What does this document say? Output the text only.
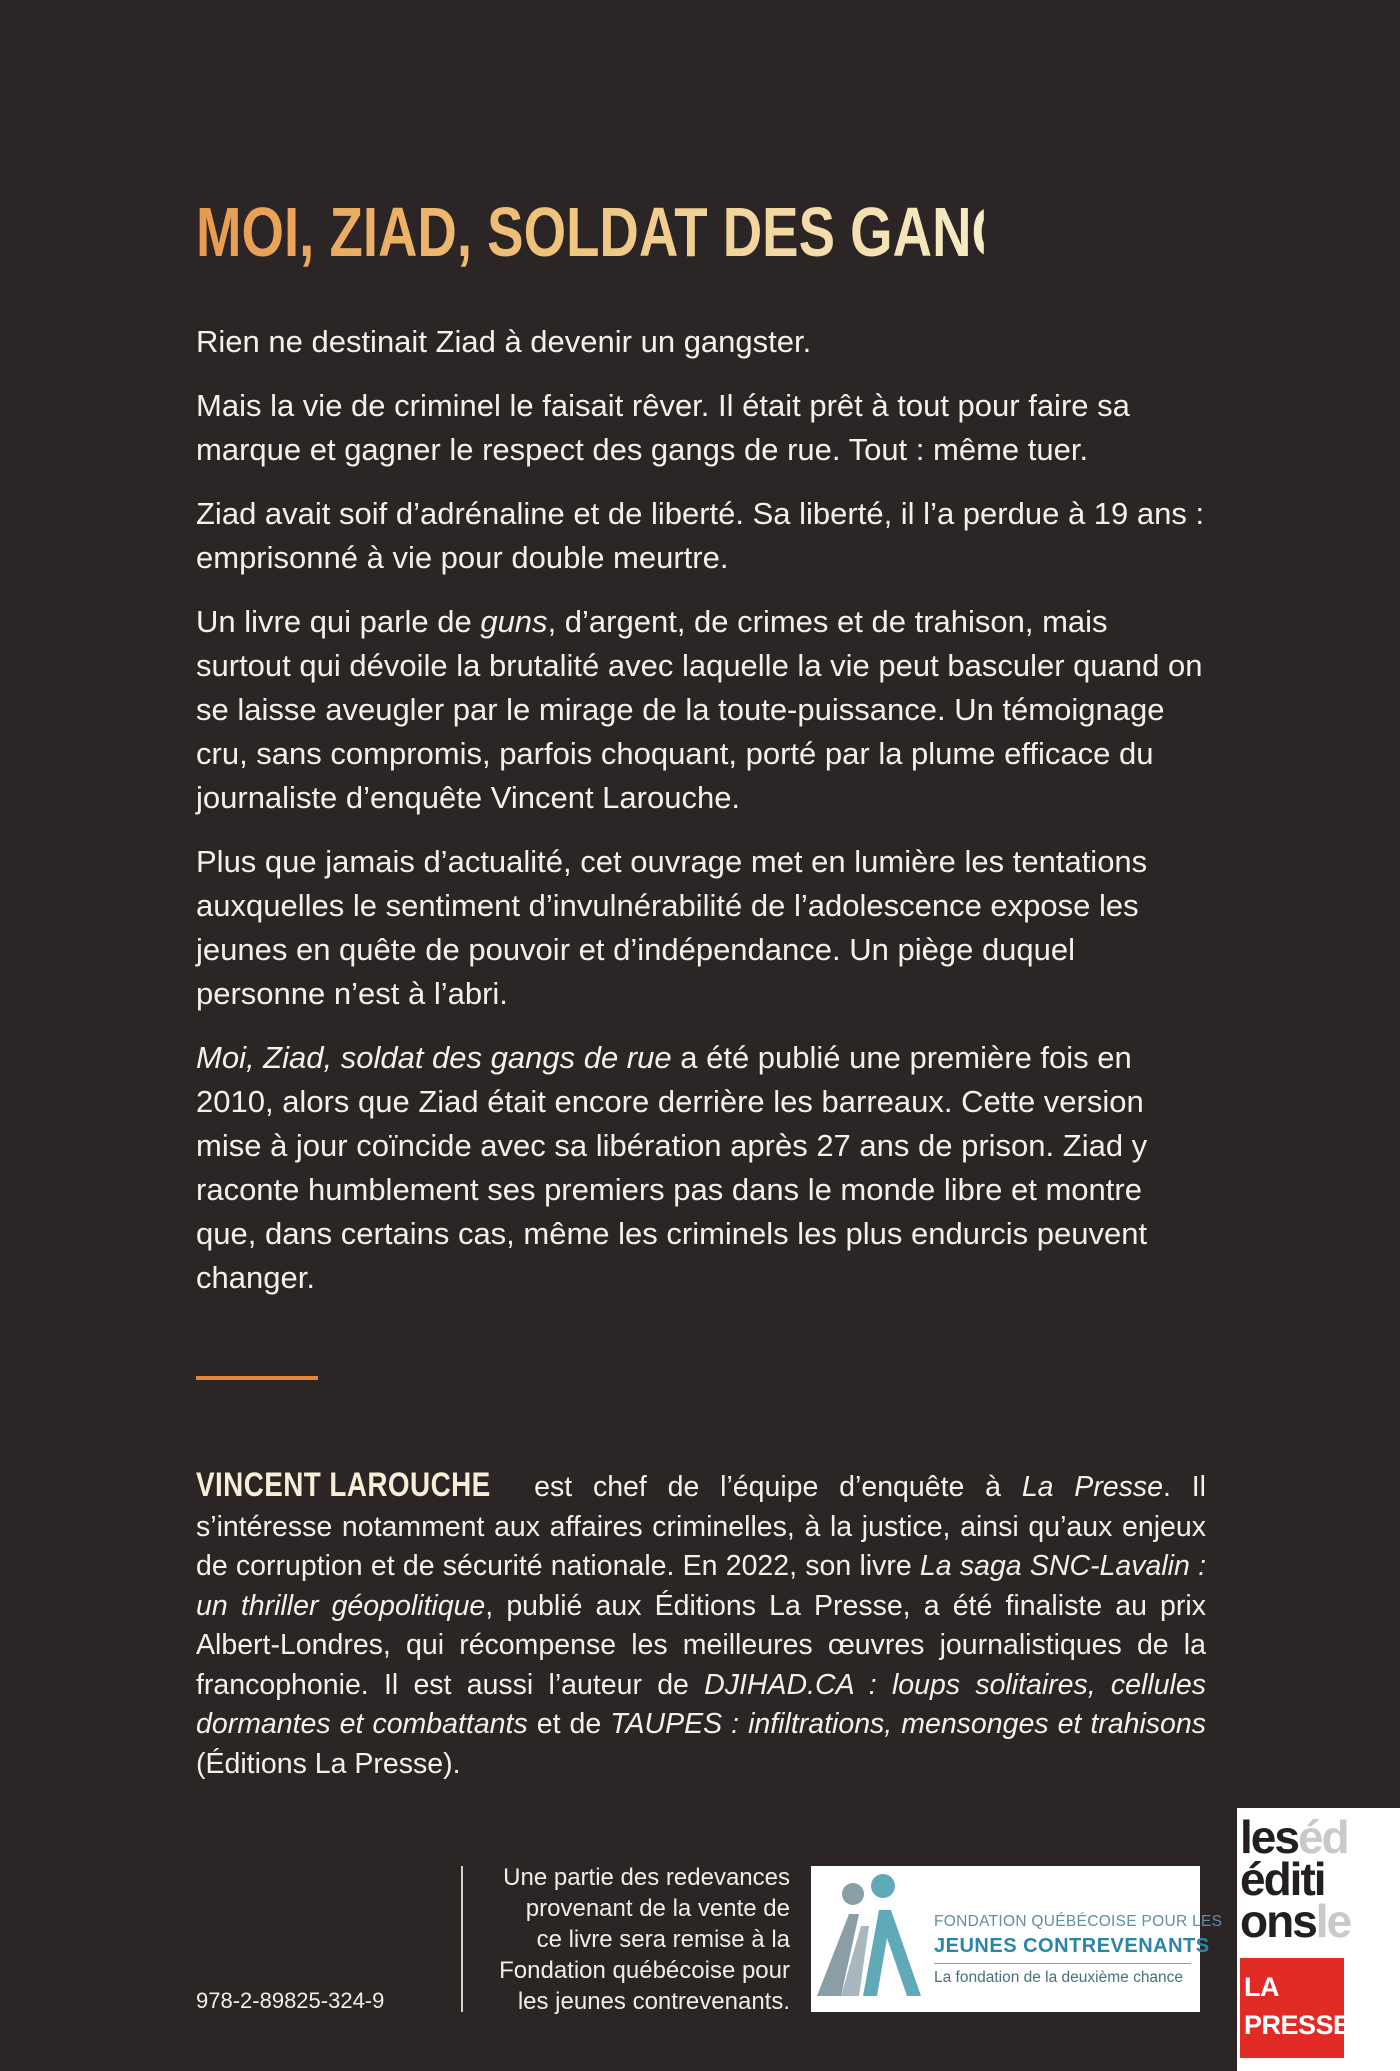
MOI, ZIAD, SOLDAT DES GANGS DE RUE

Rien ne destinait Ziad à devenir un gangster.

Mais la vie de criminel le faisait rêver. Il était prêt à tout pour faire sa marque et gagner le respect des gangs de rue. Tout : même tuer.

Ziad avait soif d’adrénaline et de liberté. Sa liberté, il l’a perdue à 19 ans : emprisonné à vie pour double meurtre.

Un livre qui parle de guns, d’argent, de crimes et de trahison, mais surtout qui dévoile la brutalité avec laquelle la vie peut basculer quand on se laisse aveugler par le mirage de la toute-puissance. Un témoignage cru, sans compromis, parfois choquant, porté par la plume efficace du journaliste d’enquête Vincent Larouche.

Plus que jamais d’actualité, cet ouvrage met en lumière les tentations auxquelles le sentiment d’invulnérabilité de l’adolescence expose les jeunes en quête de pouvoir et d’indépendance. Un piège duquel personne n’est à l’abri.

Moi, Ziad, soldat des gangs de rue a été publié une première fois en 2010, alors que Ziad était encore derrière les barreaux. Cette version mise à jour coïncide avec sa libération après 27 ans de prison. Ziad y raconte humblement ses premiers pas dans le monde libre et montre que, dans certains cas, même les criminels les plus endurcis peuvent changer.

VINCENT LAROUCHE est chef de l’équipe d’enquête à La Presse. Il s’intéresse notamment aux affaires criminelles, à la justice, ainsi qu’aux enjeux de corruption et de sécurité nationale. En 2022, son livre La saga SNC-Lavalin : un thriller géopolitique, publié aux Éditions La Presse, a été finaliste au prix Albert-Londres, qui récompense les meilleures œuvres journalistiques de la francophonie. Il est aussi l’auteur de DJIHAD.CA : loups solitaires, cellules dormantes et combattants et de TAUPES : infiltrations, mensonges et trahisons (Éditions La Presse).

978-2-89825-324-9

Une partie des redevances

provenant de la vente de

ce livre sera remise à la

Fondation québécoise pour

les jeunes contrevenants.

FONDATION QUÉBÉCOISE POUR LES
JEUNES CONTREVENANTS
La fondation de la deuxième chance
leséd
éditi
onsle
LA
PRESSE
